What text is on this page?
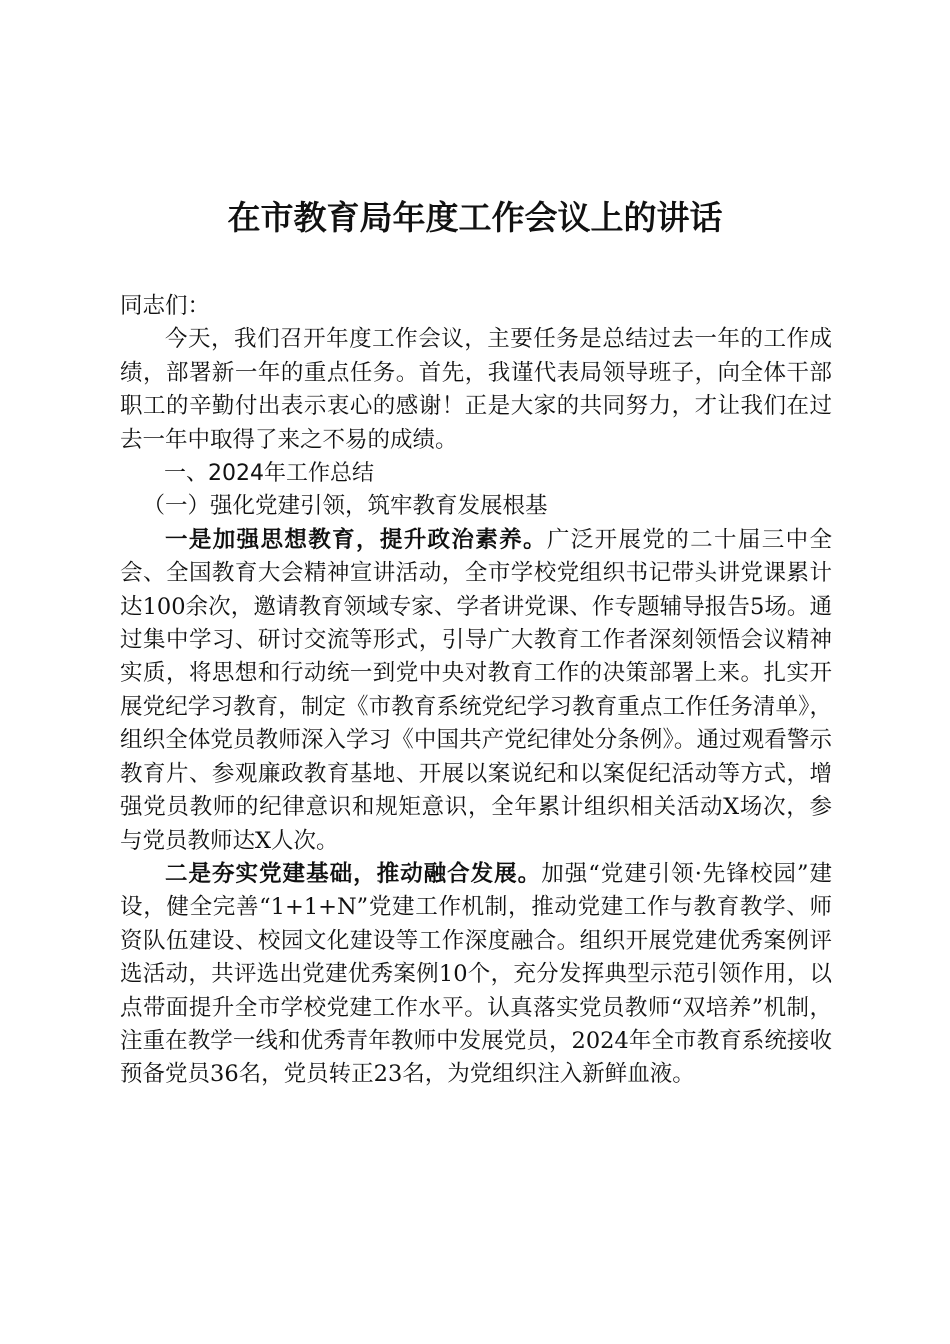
在市教育局年度工作会议上的讲话

同志们：

今天，我们召开年度工作会议，主要任务是总结过去一年的工作成绩，部署新一年的重点任务。首先，我谨代表局领导班子，向全体干部职工的辛勤付出表示衷心的感谢！正是大家的共同努力，才让我们在过去一年中取得了来之不易的成绩。

一、2024年工作总结

（一）强化党建引领，筑牢教育发展根基

一是加强思想教育，提升政治素养。广泛开展党的二十届三中全会、全国教育大会精神宣讲活动，全市学校党组织书记带头讲党课累计达100余次，邀请教育领域专家、学者讲党课、作专题辅导报告5场。通过集中学习、研讨交流等形式，引导广大教育工作者深刻领悟会议精神实质，将思想和行动统一到党中央对教育工作的决策部署上来。扎实开展党纪学习教育，制定《市教育系统党纪学习教育重点工作任务清单》，组织全体党员教师深入学习《中国共产党纪律处分条例》。通过观看警示教育片、参观廉政教育基地、开展以案说纪和以案促纪活动等方式，增强党员教师的纪律意识和规矩意识，全年累计组织相关活动X场次，参与党员教师达X人次。

二是夯实党建基础，推动融合发展。加强“党建引领·先锋校园”建设，健全完善“1+1+N”党建工作机制，推动党建工作与教育教学、师资队伍建设、校园文化建设等工作深度融合。组织开展党建优秀案例评选活动，共评选出党建优秀案例10个，充分发挥典型示范引领作用，以点带面提升全市学校党建工作水平。认真落实党员教师“双培养”机制，注重在教学一线和优秀青年教师中发展党员，2024年全市教育系统接收预备党员36名，党员转正23名，为党组织注入新鲜血液。
